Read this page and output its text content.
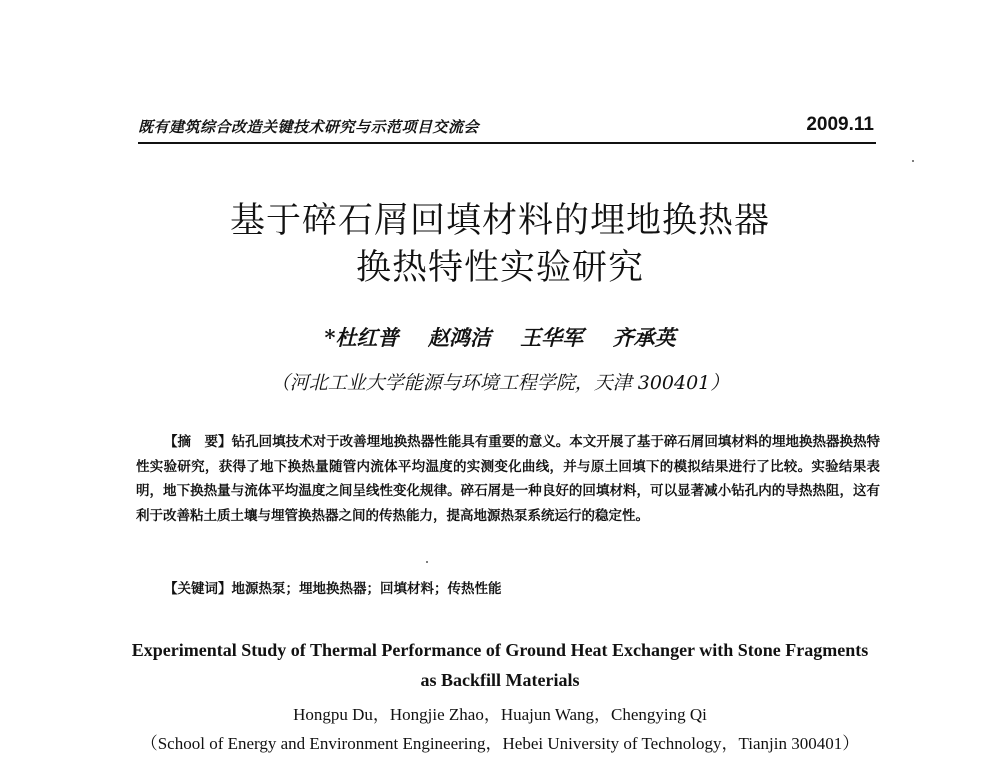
既有建筑综合改造关键技术研究与示范项目交流会	2009.11
基于碎石屑回填材料的埋地换热器
换热特性实验研究
*杜红普 赵鸿洁 王华军 齐承英
（河北工业大学能源与环境工程学院，天津 300401）
【摘　要】钻孔回填技术对于改善埋地换热器性能具有重要的意义。本文开展了基于碎石屑回填材料的埋地换热器换热特性实验研究，获得了地下换热量随管内流体平均温度的实测变化曲线，并与原土回填下的模拟结果进行了比较。实验结果表明，地下换热量与流体平均温度之间呈线性变化规律。碎石屑是一种良好的回填材料，可以显著减小钻孔内的导热热阻，这有利于改善粘土质土壤与埋管换热器之间的传热能力，提高地源热泵系统运行的稳定性。
【关键词】地源热泵；埋地换热器；回填材料；传热性能
Experimental Study of Thermal Performance of Ground Heat Exchanger with Stone Fragments
as Backfill Materials
Hongpu Du，Hongjie Zhao，Huajun Wang，Chengying Qi
（School of Energy and Environment Engineering，Hebei University of Technology，Tianjin 300401）
